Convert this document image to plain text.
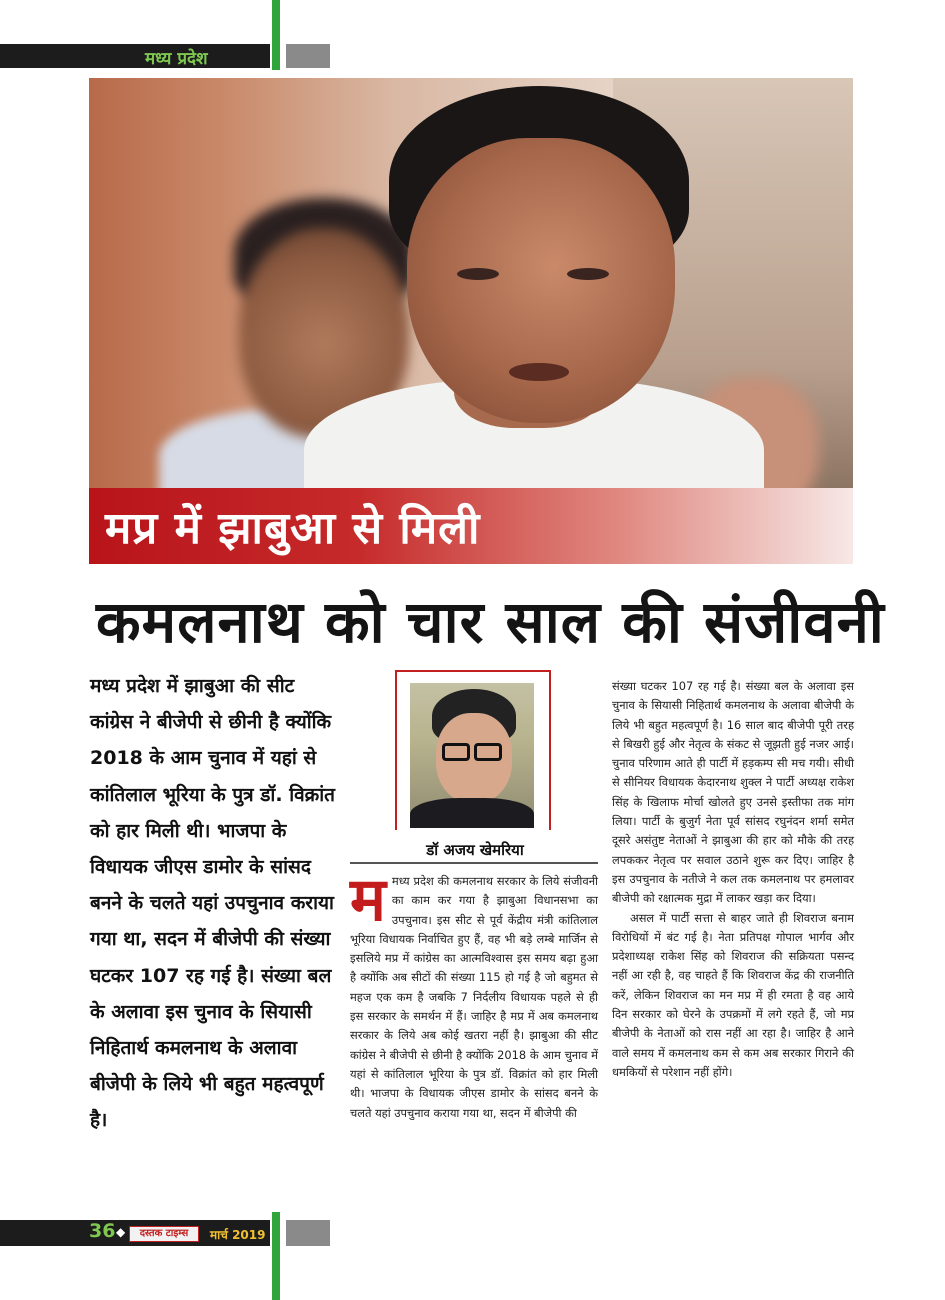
मध्य प्रदेश
मप्र में झाबुआ से मिली
कमलनाथ को चार साल की संजीवनी
मध्य प्रदेश में झाबुआ की सीट कांग्रेस ने बीजेपी से छीनी है क्योंकि 2018 के आम चुनाव में यहां से कांतिलाल भूरिया के पुत्र डॉ. विक्रांत को हार मिली थी। भाजपा के विधायक जीएस डामोर के सांसद बनने के चलते यहां उपचुनाव कराया गया था, सदन में बीजेपी की संख्या घटकर 107 रह गई है। संख्या बल के अलावा इस चुनाव के सियासी निहितार्थ कमलनाथ के अलावा बीजेपी के लिये भी बहुत महत्वपूर्ण है।
डॉ अजय खेमरिया
म मध्य प्रदेश की कमलनाथ सरकार के लिये संजीवनी का काम कर गया है झाबुआ विधानसभा का उपचुनाव। इस सीट से पूर्व केंद्रीय मंत्री कांतिलाल भूरिया विधायक निर्वाचित हुए हैं, वह भी बड़े लम्बे मार्जिन से इसलिये मप्र में कांग्रेस का आत्मविश्वास इस समय बढ़ा हुआ है क्योंकि अब सीटों की संख्या 115 हो गई है जो बहुमत से महज एक कम है जबकि 7 निर्दलीय विधायक पहले से ही इस सरकार के समर्थन में हैं। जाहिर है मप्र में अब कमलनाथ सरकार के लिये अब कोई खतरा नहीं है। झाबुआ की सीट कांग्रेस ने बीजेपी से छीनी है क्योंकि 2018 के आम चुनाव में यहां से कांतिलाल भूरिया के पुत्र डॉ. विक्रांत को हार मिली थी। भाजपा के विधायक जीएस डामोर के सांसद बनने के चलते यहां उपचुनाव कराया गया था, सदन में बीजेपी की

संख्या घटकर 107 रह गई है। संख्या बल के अलावा इस चुनाव के सियासी निहितार्थ कमलनाथ के अलावा बीजेपी के लिये भी बहुत महत्वपूर्ण है। 16 साल बाद बीजेपी पूरी तरह से बिखरी हुई और नेतृत्व के संकट से जूझती हुई नजर आई। चुनाव परिणाम आते ही पार्टी में हड़कम्प सी मच गयी। सीधी से सीनियर विधायक केदारनाथ शुक्ल ने पार्टी अध्यक्ष राकेश सिंह के खिलाफ मोर्चा खोलते हुए उनसे इस्तीफा तक मांग लिया। पार्टी के बुजुर्ग नेता पूर्व सांसद रघुनंदन शर्मा समेत दूसरे असंतुष्ट नेताओं ने झाबुआ की हार को मौके की तरह लपककर नेतृत्व पर सवाल उठाने शुरू कर दिए। जाहिर है इस उपचुनाव के नतीजे ने कल तक कमलनाथ पर हमलावर बीजेपी को रक्षात्मक मुद्रा में लाकर खड़ा कर दिया।

असल में पार्टी सत्ता से बाहर जाते ही शिवराज बनाम विरोधियों में बंट गई है। नेता प्रतिपक्ष गोपाल भार्गव और प्रदेशाध्यक्ष राकेश सिंह को शिवराज की सक्रियता पसन्द नहीं आ रही है, वह चाहते हैं कि शिवराज केंद्र की राजनीति करें, लेकिन शिवराज का मन मप्र में ही रमता है वह आये दिन सरकार को घेरने के उपक्रमों में लगे रहते हैं, जो मप्र बीजेपी के नेताओं को रास नहीं आ रहा है। जाहिर है आने वाले समय में कमलनाथ कम से कम अब सरकार गिराने की धमकियों से परेशान नहीं होंगे।

36 ◆	दस्तक टाइम्स	मार्च 2019
